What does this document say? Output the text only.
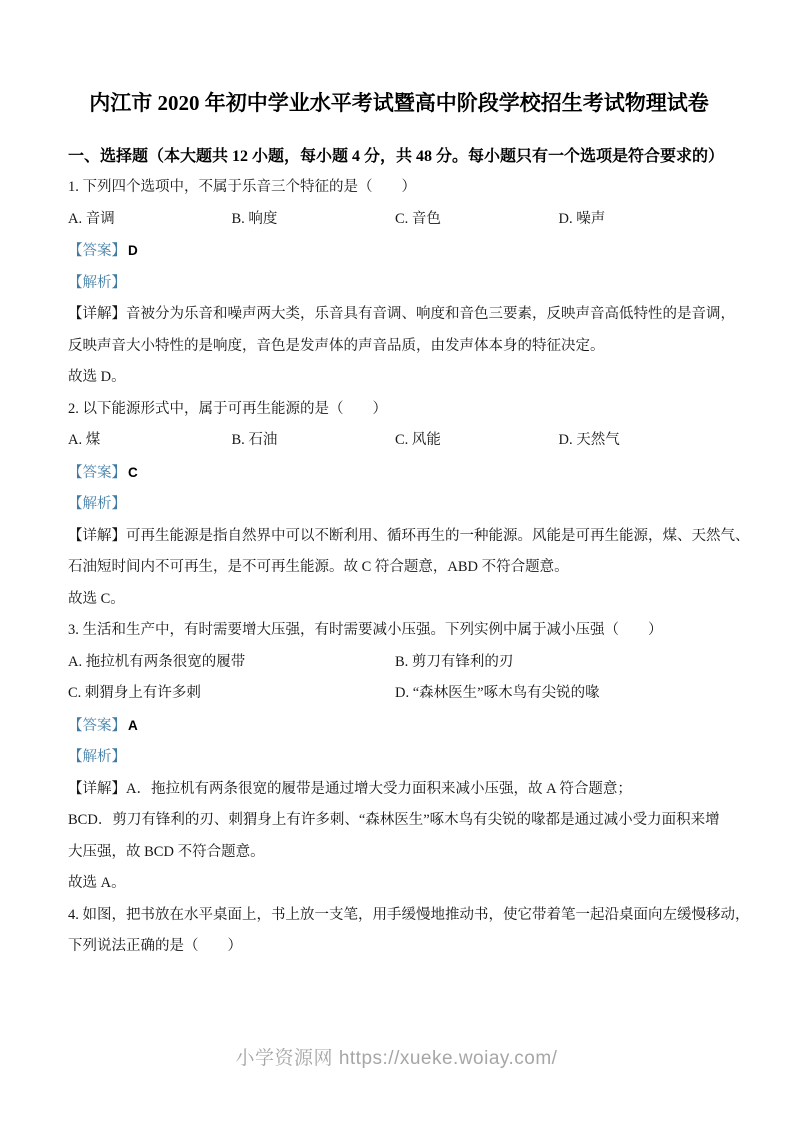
内江市 2020 年初中学业水平考试暨高中阶段学校招生考试物理试卷
一、选择题（本大题共 12 小题，每小题 4 分，共 48 分。每小题只有一个选项是符合要求的）
1. 下列四个选项中，不属于乐音三个特征的是（　　）
A. 音调	B. 响度	C. 音色	D. 噪声
【答案】 D
【解析】
【详解】音被分为乐音和噪声两大类，乐音具有音调、响度和音色三要素，反映声音高低特性的是音调，
反映声音大小特性的是响度，音色是发声体的声音品质，由发声体本身的特征决定。
故选 D。
2. 以下能源形式中，属于可再生能源的是（　　）
A. 煤	B. 石油	C. 风能	D. 天然气
【答案】 C
【解析】
【详解】可再生能源是指自然界中可以不断利用、循环再生的一种能源。风能是可再生能源，煤、天然气、
石油短时间内不可再生，是不可再生能源。故 C 符合题意，ABD 不符合题意。
故选 C。
3. 生活和生产中，有时需要增大压强，有时需要减小压强。下列实例中属于减小压强（　　）
A. 拖拉机有两条很宽的履带	B. 剪刀有锋利的刃
C. 刺猬身上有许多刺	D. “森林医生”啄木鸟有尖锐的喙
【答案】 A
【解析】
【详解】A．拖拉机有两条很宽的履带是通过增大受力面积来减小压强，故 A 符合题意；
BCD．剪刀有锋利的刃、刺猬身上有许多刺、“森林医生”啄木鸟有尖锐的喙都是通过减小受力面积来增
大压强，故 BCD 不符合题意。
故选 A。
4. 如图，把书放在水平桌面上，书上放一支笔，用手缓慢地推动书，使它带着笔一起沿桌面向左缓慢移动，
下列说法正确的是（　　）
小学资源网 https://xueke.woiay.com/
